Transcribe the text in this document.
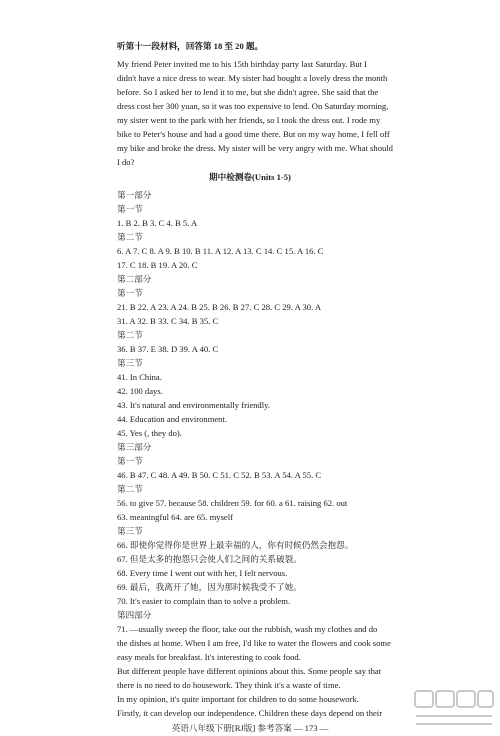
听第十一段材料，回答第 18 至 20 题。
My friend Peter invited me to his 15th birthday party last Saturday. But I
didn't have a nice dress to wear. My sister had bought a lovely dress the month
before. So I asked her to lend it to me, but she didn't agree. She said that the
dress cost her 300 yuan, so it was too expensive to lend. On Saturday morning,
my sister went to the park with her friends, so I took the dress out. I rode my
bike to Peter's house and had a good time there. But on my way home, I fell off
my bike and broke the dress. My sister will be very angry with me. What should
I do?
期中检测卷(Units 1-5)
第一部分
第一节
1. B 2. B 3. C 4. B 5. A
第二节
6. A 7. C 8. A 9. B 10. B 11. A 12. A 13. C 14. C 15. A 16. C
17. C 18. B 19. A 20. C
第二部分
第一节
21. B 22. A 23. A 24. B 25. B 26. B 27. C 28. C 29. A 30. A
31. A 32. B 33. C 34. B 35. C
第二节
36. B 37. E 38. D 39. A 40. C
第三节
41. In China.
42. 100 days.
43. It's natural and environmentally friendly.
44. Education and environment.
45. Yes (, they do).
第三部分
第一节
46. B 47. C 48. A 49. B 50. C 51. C 52. B 53. A 54. A 55. C
第二节
56. to give 57. because 58. children 59. for 60. a 61. raising 62. out
63. meaningful 64. are 65. myself
第三节
66. 即使你觉得你是世界上最幸福的人，你有时候仍然会抱怨。
67. 但是太多的抱怨只会使人们之间的关系破裂。
68. Every time I went out with her, I felt nervous.
69. 最后，我离开了她，因为那时候我受不了她。
70. It's easier to complain than to solve a problem.
第四部分
71. —usually sweep the floor, take out the rubbish, wash my clothes and do
the dishes at home. When I am free, I'd like to water the flowers and cook some
easy meals for breakfast. It's interesting to cook food.
But different people have different opinions about this. Some people say that
there is no need to do housework. They think it's a waste of time.
In my opinion, it's quite important for children to do some housework.
Firstly, it can develop our independence. Children these days depend on their
英语八年级下册[RJ版] 参考答案 — 173 —
